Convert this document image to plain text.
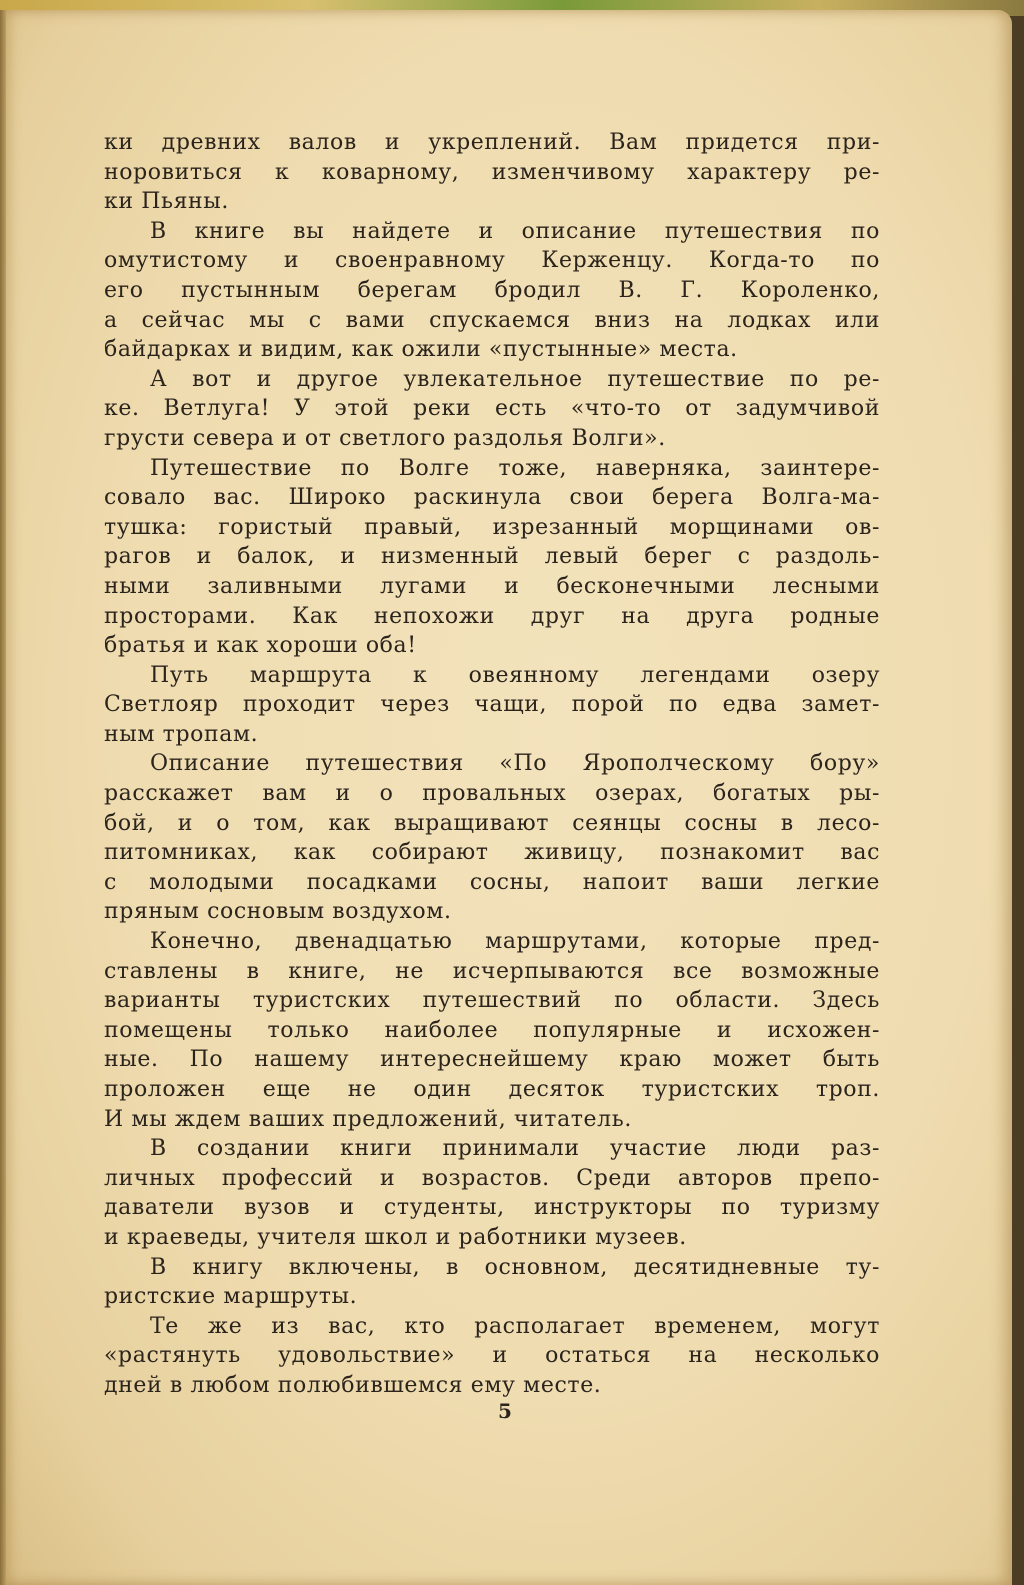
ки древних валов и укреплений. Вам придется при-
норовиться к коварному, изменчивому характеру ре-
ки Пьяны.
В книге вы найдете и описание путешествия по
омутистому и своенравному Керженцу. Когда-то по
его пустынным берегам бродил В. Г. Короленко,
а сейчас мы с вами спускаемся вниз на лодках или
байдарках и видим, как ожили «пустынные» места.
А вот и другое увлекательное путешествие по ре-
ке. Ветлуга! У этой реки есть «что-то от задумчивой
грусти севера и от светлого раздолья Волги».
Путешествие по Волге тоже, наверняка, заинтере-
совало вас. Широко раскинула свои берега Волга-ма-
тушка: гористый правый, изрезанный морщинами ов-
рагов и балок, и низменный левый берег с раздоль-
ными заливными лугами и бесконечными лесными
просторами. Как непохожи друг на друга родные
братья и как хороши оба!
Путь маршрута к овеянному легендами озеру
Светлояр проходит через чащи, порой по едва замет-
ным тропам.
Описание путешествия «По Ярополческому бору»
расскажет вам и о провальных озерах, богатых ры-
бой, и о том, как выращивают сеянцы сосны в лесо-
питомниках, как собирают живицу, познакомит вас
с молодыми посадками сосны, напоит ваши легкие
пряным сосновым воздухом.
Конечно, двенадцатью маршрутами, которые пред-
ставлены в книге, не исчерпываются все возможные
варианты туристских путешествий по области. Здесь
помещены только наиболее популярные и исхожен-
ные. По нашему интереснейшему краю может быть
проложен еще не один десяток туристских троп.
И мы ждем ваших предложений, читатель.
В создании книги принимали участие люди раз-
личных профессий и возрастов. Среди авторов препо-
даватели вузов и студенты, инструкторы по туризму
и краеведы, учителя школ и работники музеев.
В книгу включены, в основном, десятидневные ту-
ристские маршруты.
Те же из вас, кто располагает временем, могут
«растянуть удовольствие» и остаться на несколько
дней в любом полюбившемся ему месте.
5
